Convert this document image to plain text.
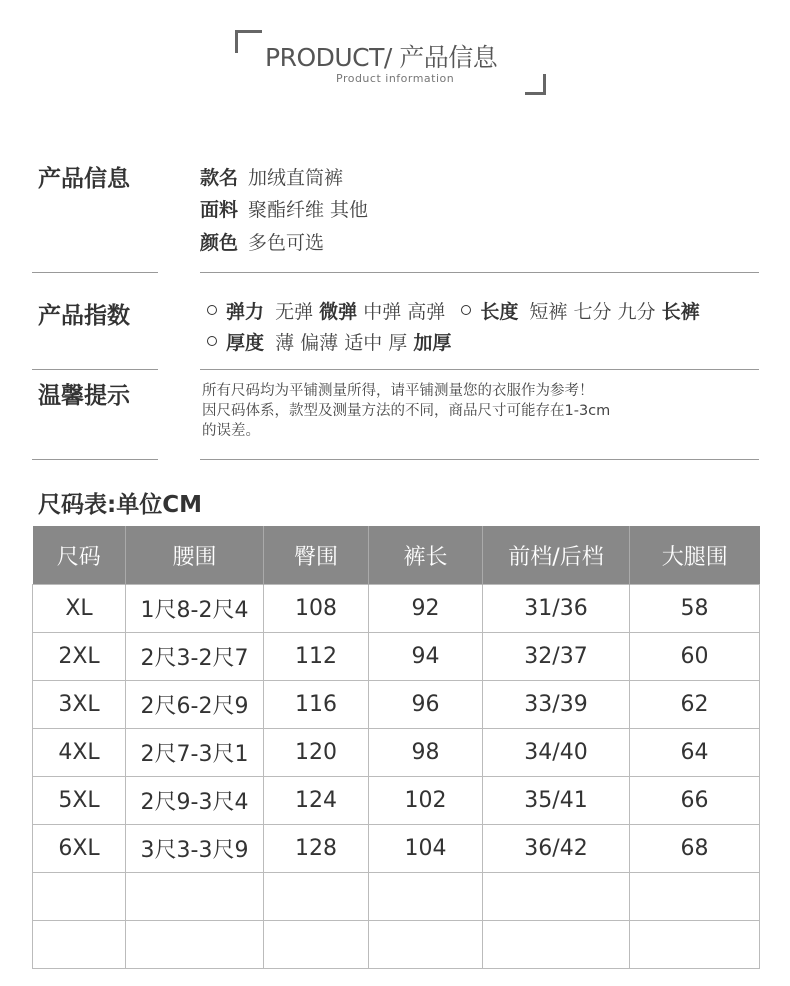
PRODUCT/ 产品信息
Product information
产品信息	款名 加绒直筒裤
面料 聚酯纤维 其他
颜色 多色可选
产品指数	弹力 无弹 微弹 中弹 高弹 长度 短裤 七分 九分 长裤
厚度 薄 偏薄 适中 厚 加厚
温馨提示	所有尺码均为平铺测量所得，请平铺测量您的衣服作为参考！
因尺码体系，款型及测量方法的不同，商品尺寸可能存在1-3cm
的误差。
尺码表:单位CM
尺码	腰围	臀围	裤长	前档/后档	大腿围
XL	1尺8-2尺4	108	92	31/36	58
2XL	2尺3-2尺7	112	94	32/37	60
3XL	2尺6-2尺9	116	96	33/39	62
4XL	2尺7-3尺1	120	98	34/40	64
5XL	2尺9-3尺4	124	102	35/41	66
6XL	3尺3-3尺9	128	104	36/42	68
